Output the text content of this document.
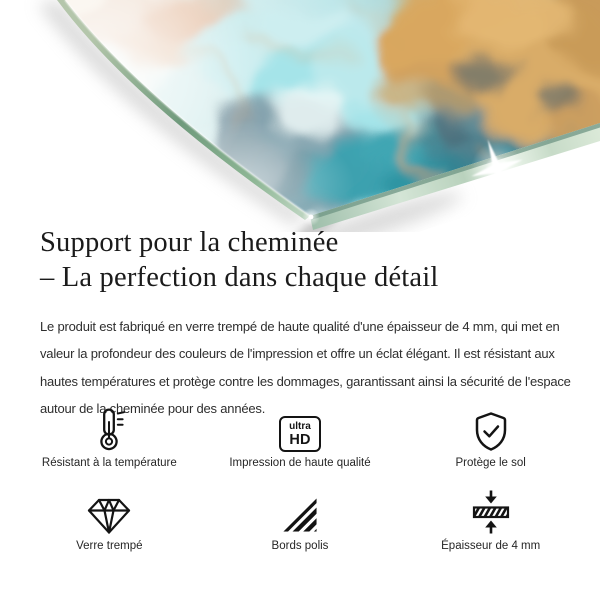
Support pour la cheminée
– La perfection dans chaque détail
Le produit est fabriqué en verre trempé de haute qualité d'une épaisseur de 4 mm, qui met en
valeur la profondeur des couleurs de l'impression et offre un éclat élégant. Il est résistant aux
hautes températures et protège contre les dommages, garantissant ainsi la sécurité de l'espace
autour de la cheminée pour des années.
Résistant à la température
ultra
HD
Impression de haute qualité	Protège le sol
Verre trempé	Bords polis	Épaisseur de 4 mm
